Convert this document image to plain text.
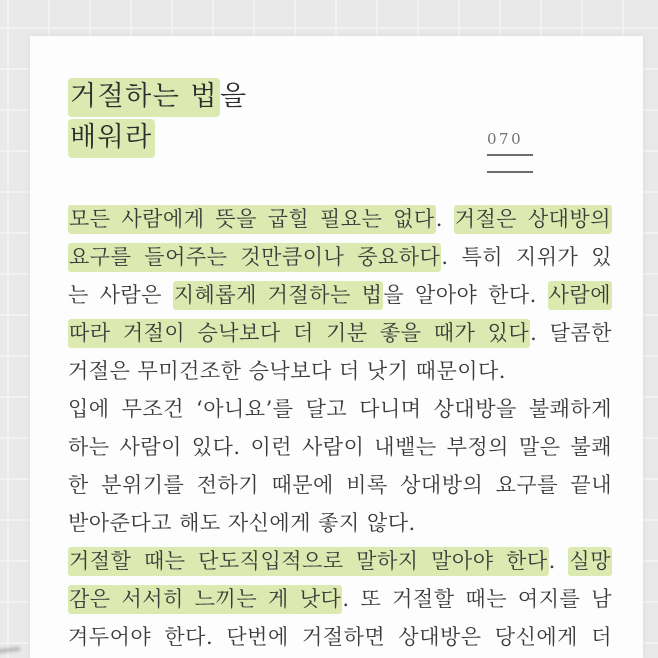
거절하는 법을
배워라	070
모든 사람에게 뜻을 굽힐 필요는 없다. 거절은 상대방의
요구를 들어주는 것만큼이나 중요하다. 특히 지위가 있
는 사람은 지혜롭게 거절하는 법을 알아야 한다. 사람에
따라 거절이 승낙보다 더 기분 좋을 때가 있다. 달콤한
거절은 무미건조한 승낙보다 더 낫기 때문이다.
입에 무조건 ‘아니요’를 달고 다니며 상대방을 불쾌하게
하는 사람이 있다. 이런 사람이 내뱉는 부정의 말은 불쾌
한 분위기를 전하기 때문에 비록 상대방의 요구를 끝내
받아준다고 해도 자신에게 좋지 않다.
거절할 때는 단도직입적으로 말하지 말아야 한다. 실망
감은 서서히 느끼는 게 낫다. 또 거절할 때는 여지를 남
겨두어야 한다. 단번에 거절하면 상대방은 당신에게 더
